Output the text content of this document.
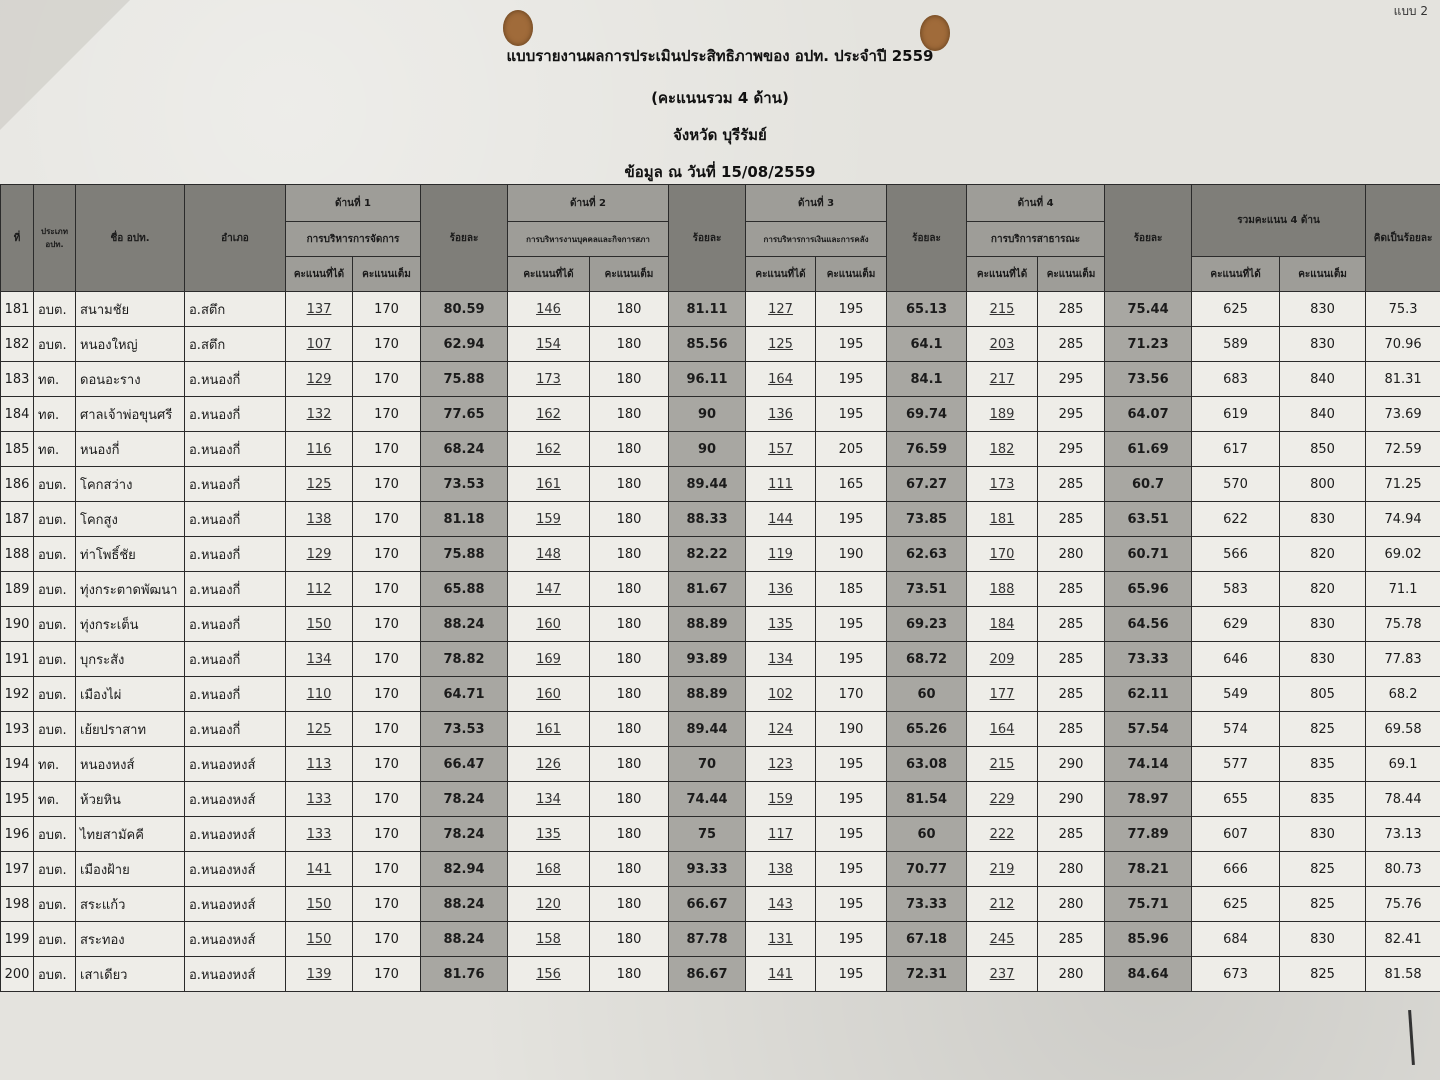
แบบ 2
แบบรายงานผลการประเมินประสิทธิภาพของ อปท. ประจำปี 2559
(คะแนนรวม 4 ด้าน)
จังหวัด บุรีรัมย์
ข้อมูล ณ วันที่ 15/08/2559
ที่	ประเภท อปท.	ชื่อ อปท.	อำเภอ	ด้านที่ 1		ร้อยละ	ด้านที่ 2		ร้อยละ	ด้านที่ 3		ร้อยละ	ด้านที่ 4		ร้อยละ	รวมคะแนน 4 ด้าน		คิดเป็นร้อยละ
				การบริหารการจัดการ			การบริหารงานบุคคลและกิจการสภา			การบริหารการเงินและการคลัง			การบริการสาธารณะ					
				คะแนนที่ได้	คะแนนเต็ม		คะแนนที่ได้	คะแนนเต็ม		คะแนนที่ได้	คะแนนเต็ม		คะแนนที่ได้	คะแนนเต็ม		คะแนนที่ได้	คะแนนเต็ม	
181	อบต.	สนามชัย	อ.สตึก	137	170	80.59	146	180	81.11	127	195	65.13	215	285	75.44	625	830	75.3
182	อบต.	หนองใหญ่	อ.สตึก	107	170	62.94	154	180	85.56	125	195	64.1	203	285	71.23	589	830	70.96
183	ทต.	ดอนอะราง	อ.หนองกี่	129	170	75.88	173	180	96.11	164	195	84.1	217	295	73.56	683	840	81.31
184	ทต.	ศาลเจ้าพ่อขุนศรี	อ.หนองกี่	132	170	77.65	162	180	90	136	195	69.74	189	295	64.07	619	840	73.69
185	ทต.	หนองกี่	อ.หนองกี่	116	170	68.24	162	180	90	157	205	76.59	182	295	61.69	617	850	72.59
186	อบต.	โคกสว่าง	อ.หนองกี่	125	170	73.53	161	180	89.44	111	165	67.27	173	285	60.7	570	800	71.25
187	อบต.	โคกสูง	อ.หนองกี่	138	170	81.18	159	180	88.33	144	195	73.85	181	285	63.51	622	830	74.94
188	อบต.	ท่าโพธิ์ชัย	อ.หนองกี่	129	170	75.88	148	180	82.22	119	190	62.63	170	280	60.71	566	820	69.02
189	อบต.	ทุ่งกระตาดพัฒนา	อ.หนองกี่	112	170	65.88	147	180	81.67	136	185	73.51	188	285	65.96	583	820	71.1
190	อบต.	ทุ่งกระเต็น	อ.หนองกี่	150	170	88.24	160	180	88.89	135	195	69.23	184	285	64.56	629	830	75.78
191	อบต.	บุกระสัง	อ.หนองกี่	134	170	78.82	169	180	93.89	134	195	68.72	209	285	73.33	646	830	77.83
192	อบต.	เมืองไผ่	อ.หนองกี่	110	170	64.71	160	180	88.89	102	170	60	177	285	62.11	549	805	68.2
193	อบต.	เย้ยปราสาท	อ.หนองกี่	125	170	73.53	161	180	89.44	124	190	65.26	164	285	57.54	574	825	69.58
194	ทต.	หนองหงส์	อ.หนองหงส์	113	170	66.47	126	180	70	123	195	63.08	215	290	74.14	577	835	69.1
195	ทต.	ห้วยหิน	อ.หนองหงส์	133	170	78.24	134	180	74.44	159	195	81.54	229	290	78.97	655	835	78.44
196	อบต.	ไทยสามัคคี	อ.หนองหงส์	133	170	78.24	135	180	75	117	195	60	222	285	77.89	607	830	73.13
197	อบต.	เมืองฝ้าย	อ.หนองหงส์	141	170	82.94	168	180	93.33	138	195	70.77	219	280	78.21	666	825	80.73
198	อบต.	สระแก้ว	อ.หนองหงส์	150	170	88.24	120	180	66.67	143	195	73.33	212	280	75.71	625	825	75.76
199	อบต.	สระทอง	อ.หนองหงส์	150	170	88.24	158	180	87.78	131	195	67.18	245	285	85.96	684	830	82.41
200	อบต.	เสาเดียว	อ.หนองหงส์	139	170	81.76	156	180	86.67	141	195	72.31	237	280	84.64	673	825	81.58
